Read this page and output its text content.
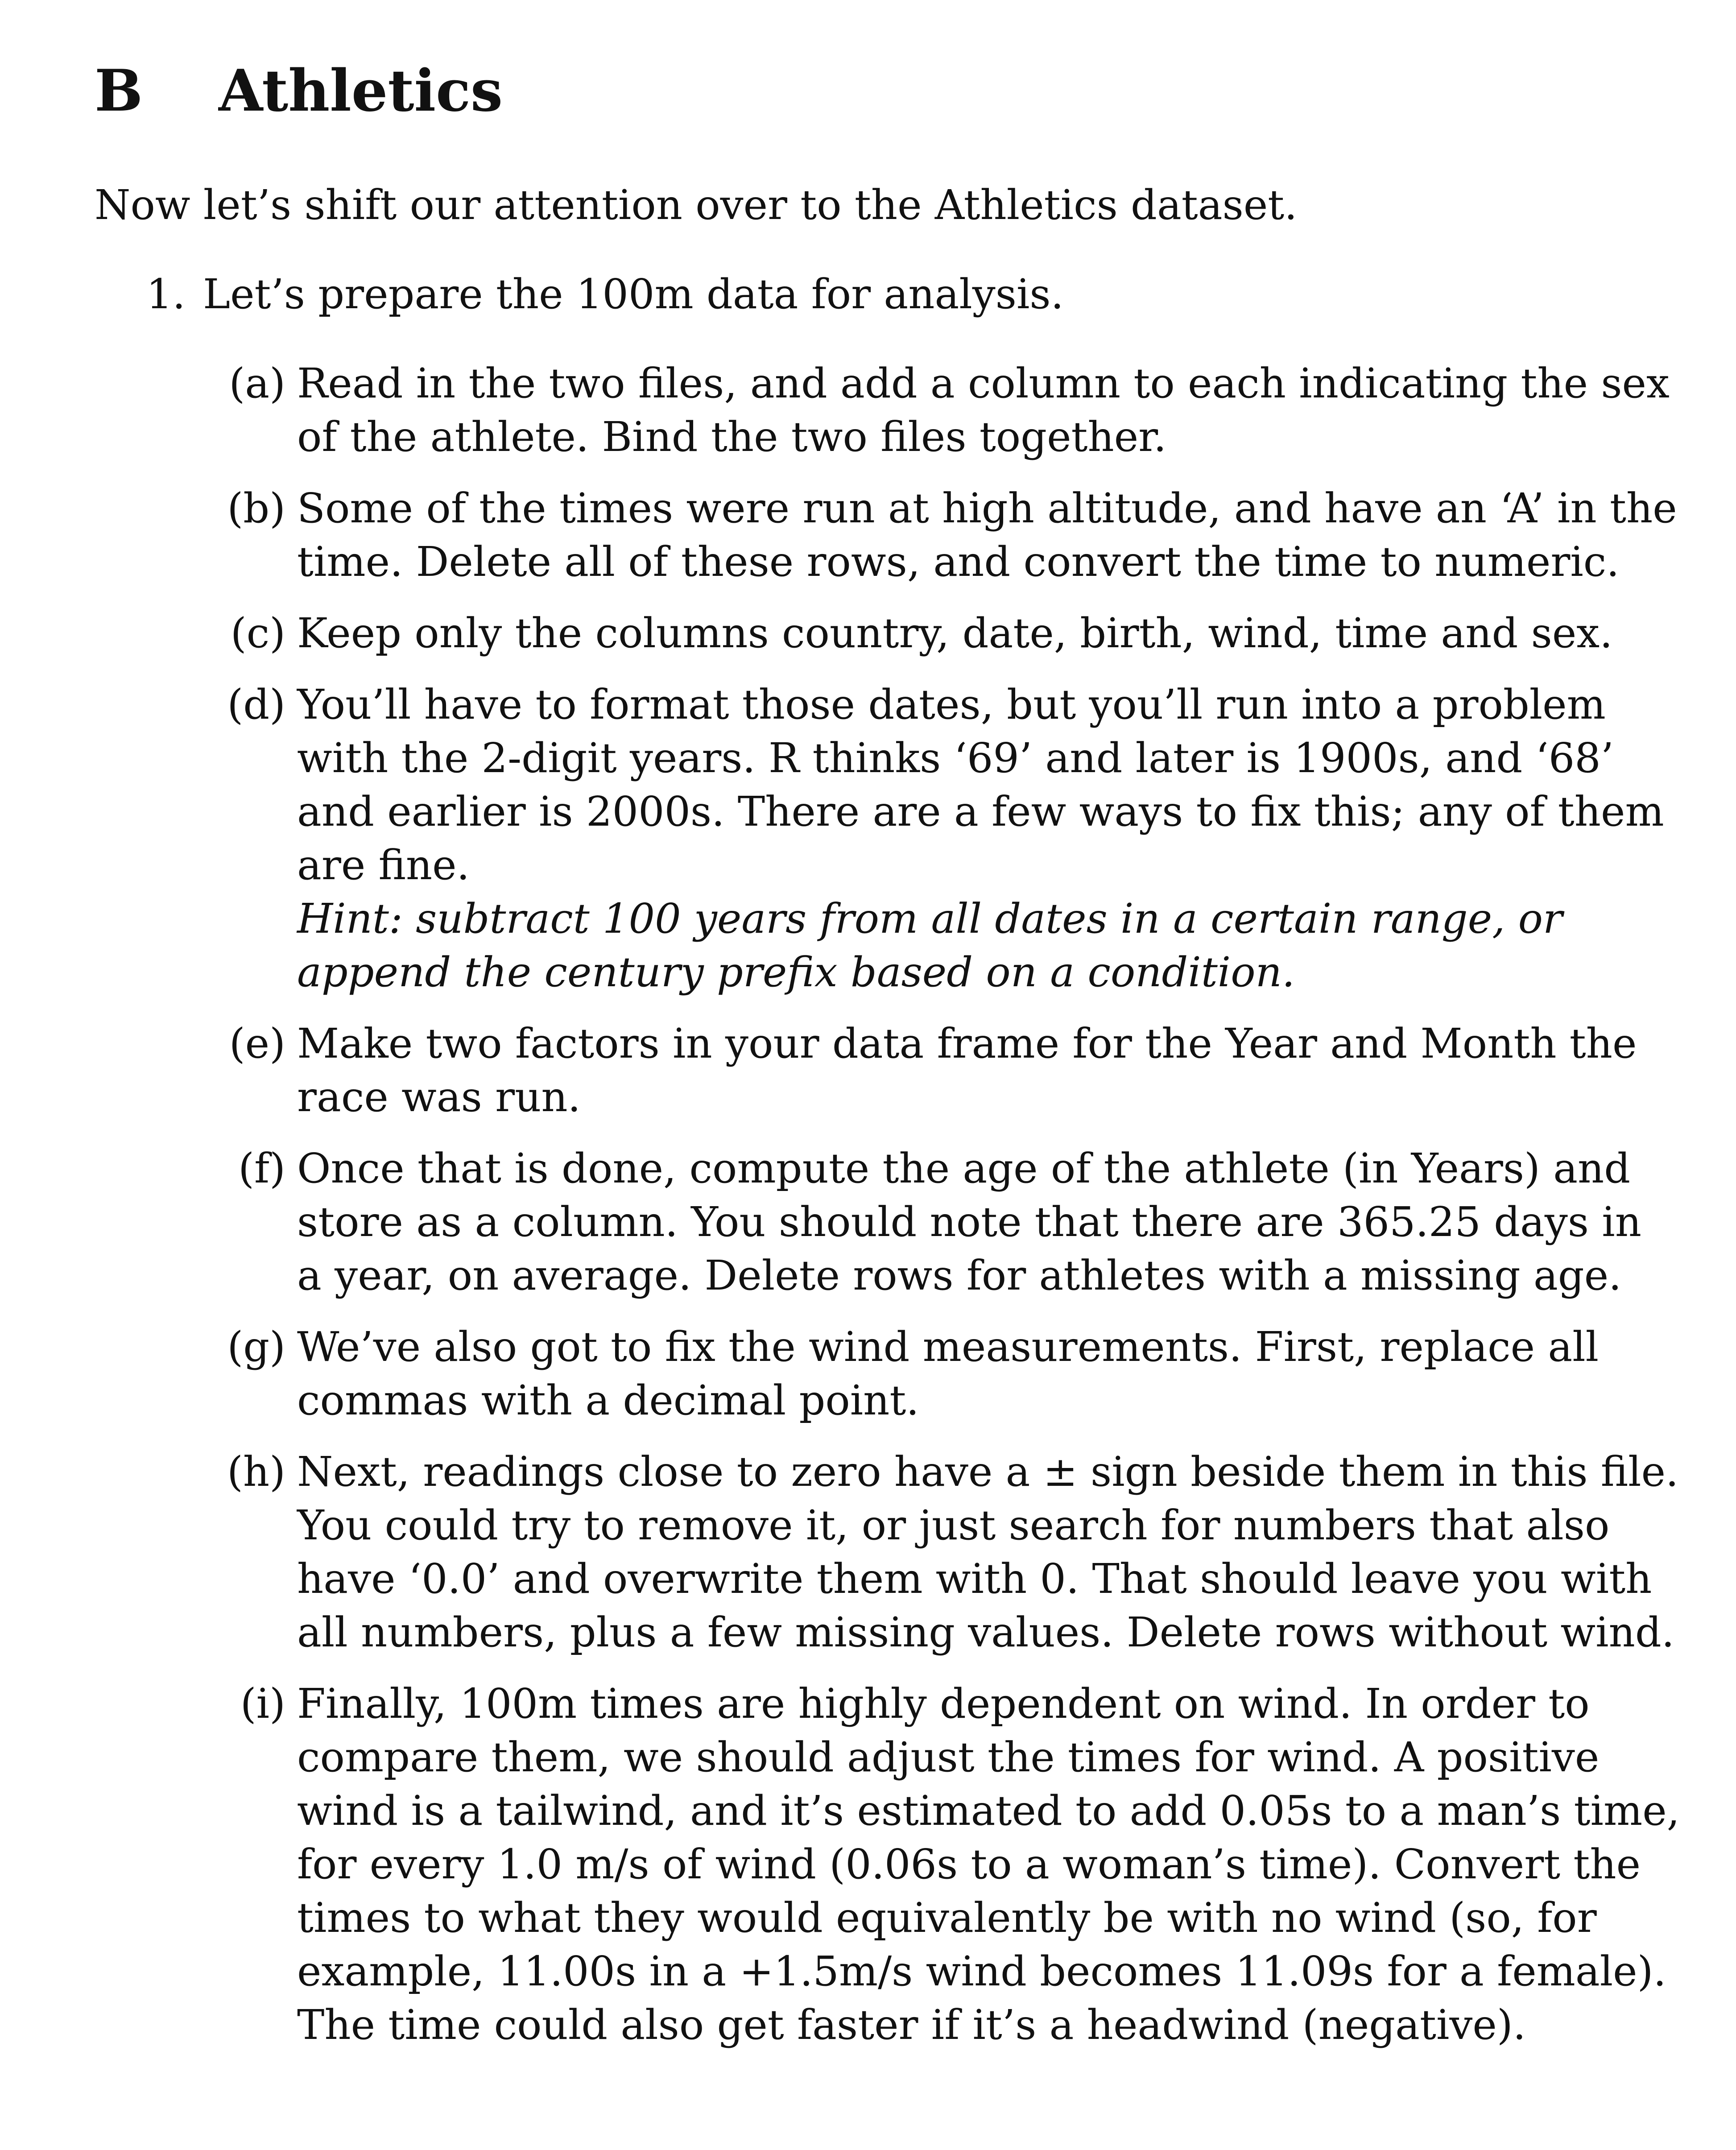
B Athletics

Now let’s shift our attention over to the Athletics dataset.

1. Let’s prepare the 100m data for analysis.
(a) Read in the two files, and add a column to each indicating the sex
of the athlete. Bind the two files together.
(b) Some of the times were run at high altitude, and have an ‘A’ in the
time. Delete all of these rows, and convert the time to numeric.
(c) Keep only the columns country, date, birth, wind, time and sex.
(d) You’ll have to format those dates, but you’ll run into a problem
with the 2-digit years. R thinks ‘69’ and later is 1900s, and ‘68’
and earlier is 2000s. There are a few ways to fix this; any of them
are fine.
Hint: subtract 100 years from all dates in a certain range, or
append the century prefix based on a condition.
(e) Make two factors in your data frame for the Year and Month the
race was run.
(f) Once that is done, compute the age of the athlete (in Years) and
store as a column. You should note that there are 365.25 days in
a year, on average. Delete rows for athletes with a missing age.
(g) We’ve also got to fix the wind measurements. First, replace all
commas with a decimal point.
(h) Next, readings close to zero have a ± sign beside them in this file.
You could try to remove it, or just search for numbers that also
have ‘0.0’ and overwrite them with 0. That should leave you with
all numbers, plus a few missing values. Delete rows without wind.
(i) Finally, 100m times are highly dependent on wind. In order to
compare them, we should adjust the times for wind. A positive
wind is a tailwind, and it’s estimated to add 0.05s to a man’s time,
for every 1.0 m/s of wind (0.06s to a woman’s time). Convert the
times to what they would equivalently be with no wind (so, for
example, 11.00s in a +1.5m/s wind becomes 11.09s for a female).
The time could also get faster if it’s a headwind (negative).
